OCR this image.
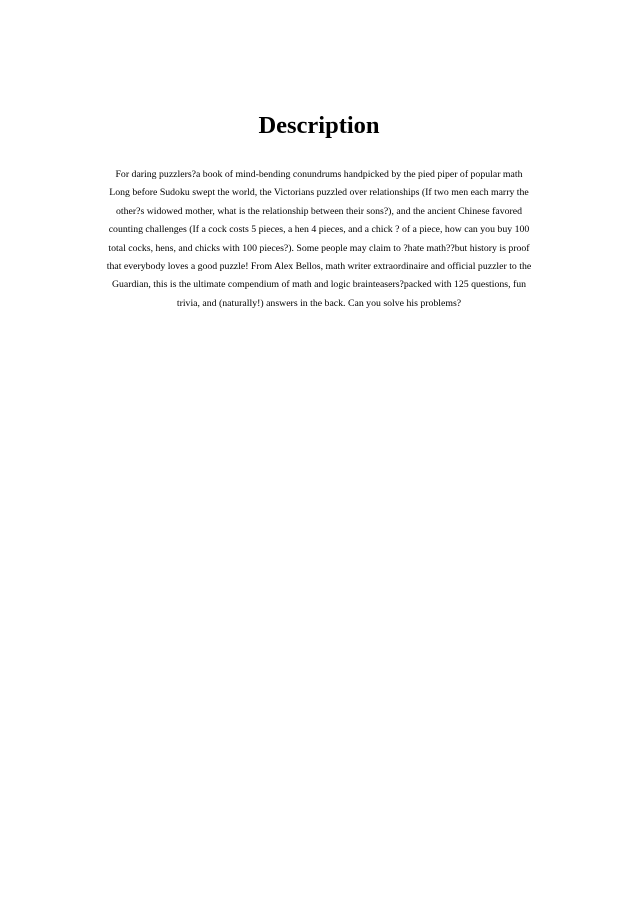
Description

For daring puzzlers?a book of mind-bending conundrums handpicked by the pied piper of popular math
Long before Sudoku swept the world, the Victorians puzzled over relationships (If two men each marry the
other?s widowed mother, what is the relationship between their sons?), and the ancient Chinese favored
counting challenges (If a cock costs 5 pieces, a hen 4 pieces, and a chick ? of a piece, how can you buy 100
total cocks, hens, and chicks with 100 pieces?). Some people may claim to ?hate math??but history is proof
that everybody loves a good puzzle! From Alex Bellos, math writer extraordinaire and official puzzler to the
Guardian, this is the ultimate compendium of math and logic brainteasers?packed with 125 questions, fun
trivia, and (naturally!) answers in the back. Can you solve his problems?
